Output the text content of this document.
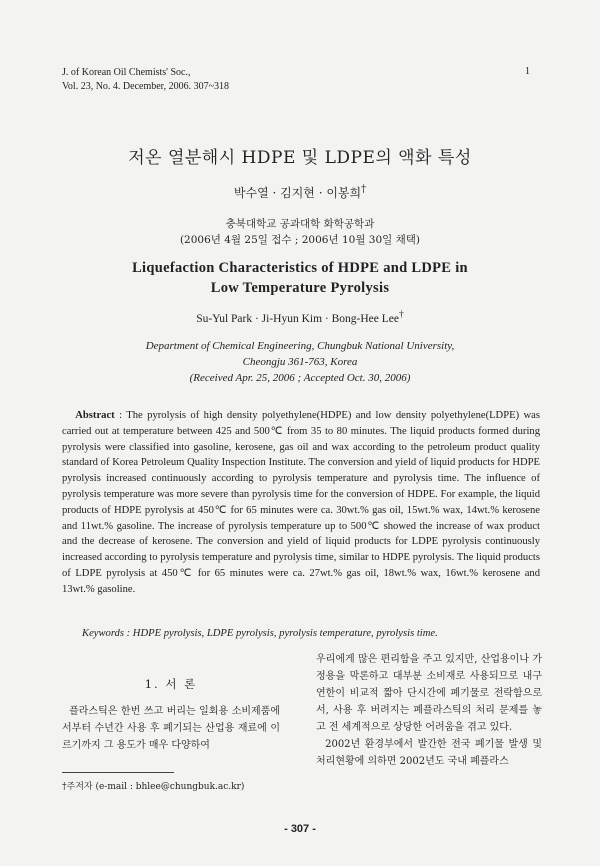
J. of Korean Oil Chemists' Soc.,
Vol. 23, No. 4. December, 2006. 307~318
1
저온 열분해시 HDPE 및 LDPE의 액화 특성
박수열 · 김지현 · 이봉희†
충북대학교 공과대학 화학공학과
(2006년 4월 25일 접수 ; 2006년 10월 30일 채택)
Liquefaction Characteristics of HDPE and LDPE in
Low Temperature Pyrolysis
Su-Yul Park · Ji-Hyun Kim · Bong-Hee Lee†
Department of Chemical Engineering, Chungbuk National University,
Cheongju 361-763, Korea
(Received Apr. 25, 2006 ; Accepted Oct. 30, 2006)
Abstract : The pyrolysis of high density polyethylene(HDPE) and low density polyethylene(LDPE) was carried out at temperature between 425 and 500℃ from 35 to 80 minutes. The liquid products formed during pyrolysis were classified into gasoline, kerosene, gas oil and wax according to the petroleum product quality standard of Korea Petroleum Quality Inspection Institute. The conversion and yield of liquid products for HDPE pyrolysis increased continuously according to pyrolysis temperature and pyrolysis time. The influence of pyrolysis temperature was more severe than pyrolysis time for the conversion of HDPE. For example, the liquid products of HDPE pyrolysis at 450℃ for 65 minutes were ca. 30wt.% gas oil, 15wt.% wax, 14wt.% kerosene and 11wt.% gasoline. The increase of pyrolysis temperature up to 500℃ showed the increase of wax product and the decrease of kerosene. The conversion and yield of liquid products for LDPE pyrolysis continuously increased according to pyrolysis temperature and pyrolysis time, similar to HDPE pyrolysis. The liquid products of LDPE pyrolysis at 450℃ for 65 minutes were ca. 27wt.% gas oil, 18wt.% wax, 16wt.% kerosene and 13wt.% gasoline.
Keywords : HDPE pyrolysis, LDPE pyrolysis, pyrolysis temperature, pyrolysis time.
1. 서 론

플라스틱은 한번 쓰고 버리는 일회용 소비제품에서부터 수년간 사용 후 폐기되는 산업용 재료에 이르기까지 그 용도가 매우 다양하여

우리에게 많은 편리함을 주고 있지만, 산업용이나 가정용을 막론하고 대부분 소비재로 사용되므로 내구연한이 비교적 짧아 단시간에 폐기물로 전락함으로서, 사용 후 버려지는 폐플라스틱의 처리 문제를 놓고 전 세계적으로 상당한 어려움을 겪고 있다.

2002년 환경부에서 발간한 전국 폐기물 발생 및 처리현황에 의하면 2002년도 국내 폐플라스

†주저자 (e-mail : bhlee@chungbuk.ac.kr)
- 307 -
